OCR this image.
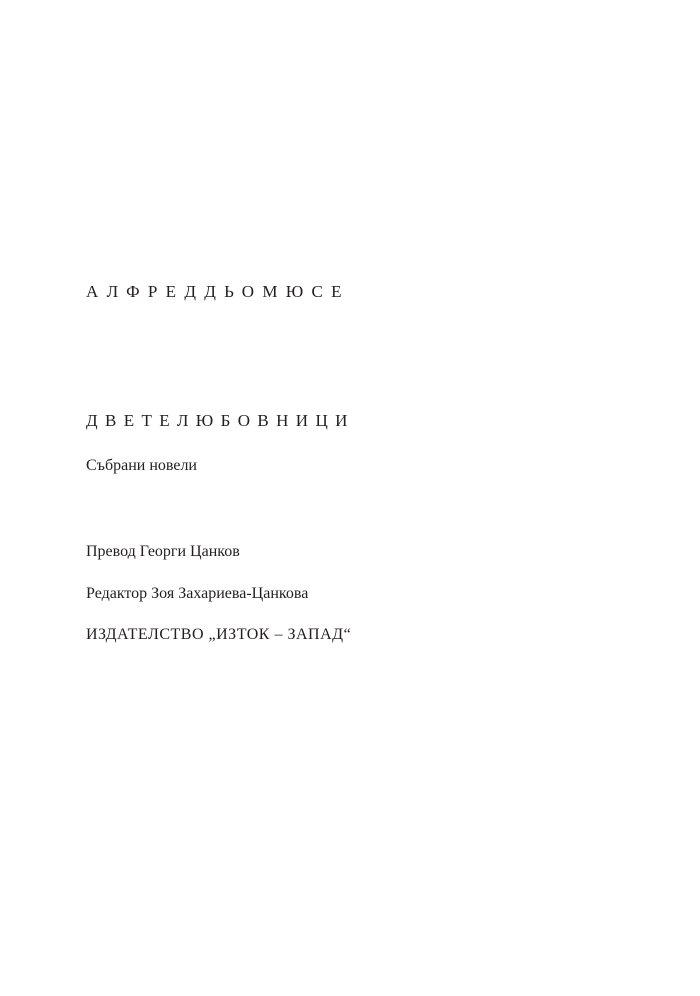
АЛФРЕДДЬОМЮСЕ
ДВЕТЕЛЮБОВНИЦИ
Събрани новели
Превод Георги Цанков
Редактор Зоя Захариева-Цанкова
ИЗДАТЕЛСТВО „ИЗТОК – ЗАПАД“
